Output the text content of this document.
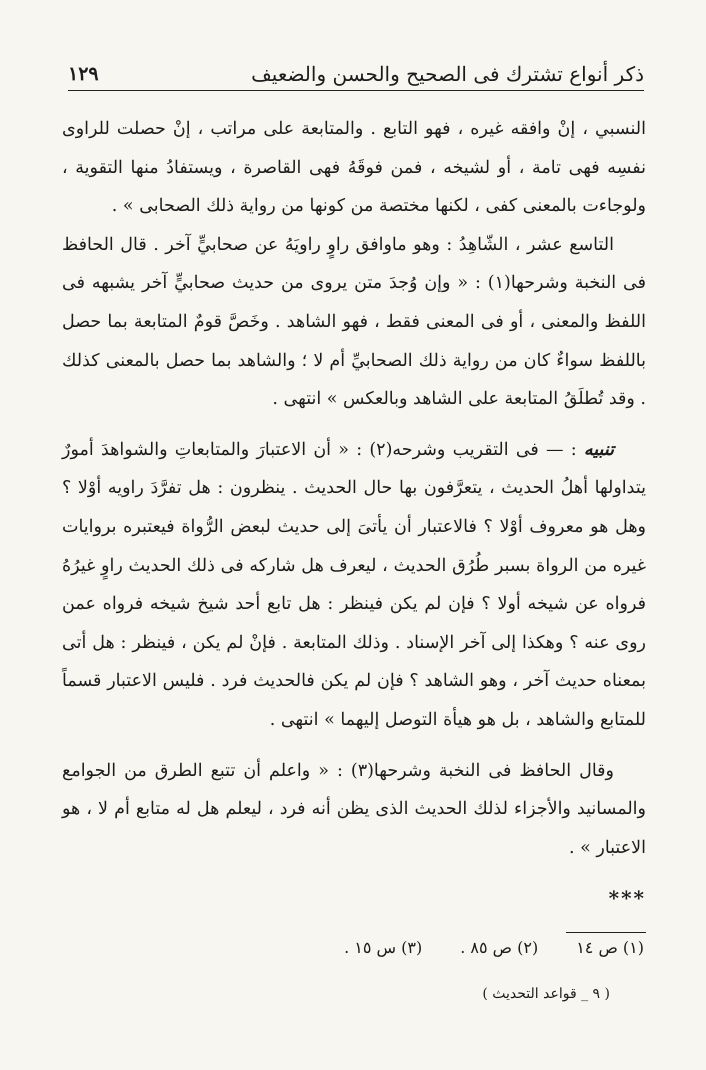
ذكر أنواع تشترك فى الصحيح والحسن والضعيف
١٢٩

النسبي ، إنْ وافقه غيره ، فهو التابع . والمتابعة على مراتب ، إنْ حصلت للراوى نفسِه فهى تامة ، أو لشيخه ، فمن فوقَهُ فهى القاصرة ، ويستفادُ منها التقوية ، ولوجاءت بالمعنى كفى ، لكنها مختصة من كونها من رواية ذلك الصحابى » .

التاسع عشر ، الشّاهِدُ : وهو ماوافق راوٍ راويَهُ عن صحابيٍّ آخر . قال الحافظ فى النخبة وشرحها(١) : « وإن وُجدَ متن يروى من حديث صحابيٍّ آخر يشبهه فى اللفظ والمعنى ، أو فى المعنى فقط ، فهو الشاهد . وخَصَّ قومٌ المتابعة بما حصل باللفظ سواءٌ كان من رواية ذلك الصحابيِّ أم لا ؛ والشاهد بما حصل بالمعنى كذلك . وقد تُطلَقُ المتابعة على الشاهد وبالعكس » انتهى .

تنبيه : — فى التقريب وشرحه(٢) : « أن الاعتبارَ والمتابعاتِ والشواهدَ أمورٌ يتداولها أهلُ الحديث ، يتعرَّفون بها حال الحديث . ينظرون : هل تفرَّدَ راويه أوْلا ؟ وهل هو معروف أوْلا ؟ فالاعتبار أن يأتىَ إلى حديث لبعض الرُّواة فيعتبره بروايات غيره من الرواة بسبر طُرُق الحديث ، ليعرف هل شاركه فى ذلك الحديث راوٍ غيرُهُ فرواه عن شيخه أولا ؟ فإن لم يكن فينظر : هل تابع أحد شيخ شيخه فرواه عمن روى عنه ؟ وهكذا إلى آخر الإسناد . وذلك المتابعة . فإنْ لم يكن ، فينظر : هل أتى بمعناه حديث آخر ، وهو الشاهد ؟ فإن لم يكن فالحديث فرد . فليس الاعتبار قسماً للمتابع والشاهد ، بل هو هيأة التوصل إليهما » انتهى .

وقال الحافظ فى النخبة وشرحها(٣) : « واعلم أن تتبع الطرق من الجوامع والمسانيد والأجزاء لذلك الحديث الذى يظن أنه فرد ، ليعلم هل له متابع أم لا ، هو الاعتبار » .

***
(١) ص ١٤
(٢) ص ٨٥ .
(٣) س ١٥ .
( ٩ _ قواعد التحديث )
